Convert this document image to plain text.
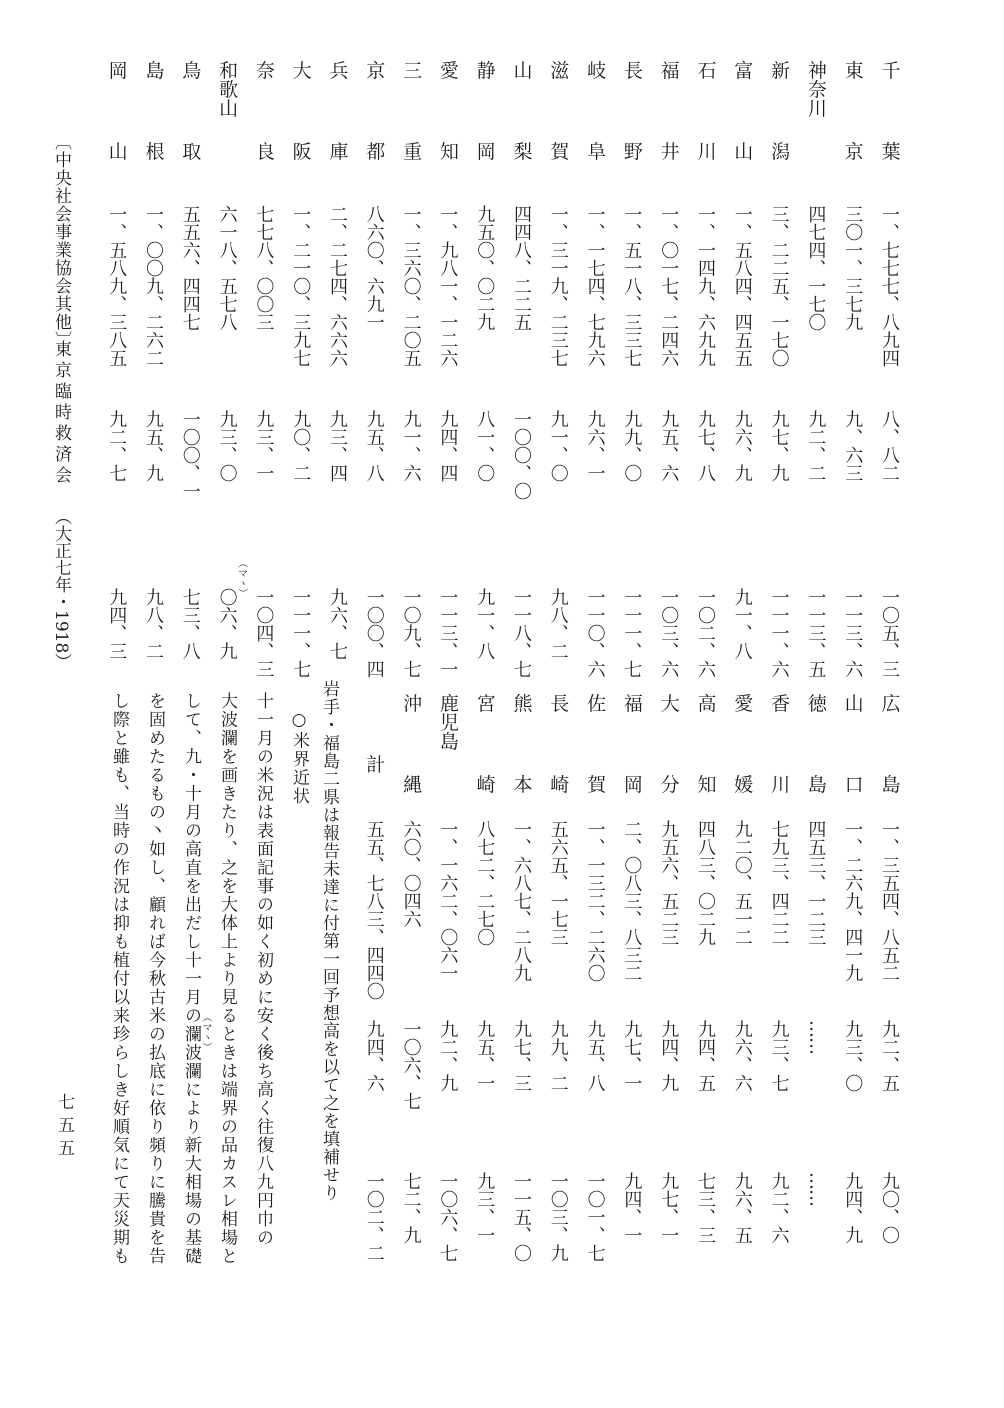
千
葉
一、七七七、八九四
八、八二
一〇五、三
東
京
三〇一、三七九
九、六三
一一三、六
神
奈
川
四七四、一七〇
九二、二
一一三、五
新
潟
三、二二五、一七〇
九七、九
一一一、六
富
山
一、五八四、四五五
九六、九
九一、八
石
川
一、一四九、六九九
九七、八
一〇二、六
福
井
一、〇一七、二四六
九五、六
一〇三、六
長
野
一、五一八、三三七
九九、〇
一一一、七
岐
阜
一、一七四、七九六
九六、一
一一〇、六
滋
賀
一、三一九、二三七
九一、〇
九八、二
山
梨
四四八、二二五
一〇〇、〇
一一八、七
静
岡
九五〇、〇二九
八一、〇
九一、八
愛
知
一、九八一、一二六
九四、四
一一三、一
三
重
一、三六〇、二〇五
九一、六
一〇九、七
京
都
八六〇、六九一
九五、八
一〇〇、四
兵
庫
二、二七四、六六六
九三、四
九六、七
大
阪
一、二一〇、三九七
九〇、二
一一一、七
奈
良
七七八、〇〇三
九三、一
一〇四、三
和
歌
山
六一八、五七八
九三、〇
〇六、九
（マヽ）
鳥
取
五五六、四四七
一〇〇、一
七三、八
島
根
一、〇〇九、二六二
九五、九
九八、二
岡
山
一、五八九、三八五
九二、七
九四、三
広
島
一、三五四、八五二
九二、五
九〇、〇
山
口
一、二六九、四一九
九三、〇
九四、九
徳
島
四五三、一二三
……
……
香
川
七九三、四二二
九三、七
九二、六
愛
媛
九二〇、五一二
九六、六
九六、五
高
知
四八三、〇二九
九四、五
七三、三
大
分
九五六、五二三
九四、九
九七、一
福
岡
二、〇八三、八三二
九七、一
九四、一
佐
賀
一、一三二、二六〇
九五、八
一〇一、七
長
崎
五六五、一七三
九九、二
一〇三、九
熊
本
一、六八七、二八九
九七、三
一一五、〇
宮
崎
八七二、二七〇
九五、一
九三、一
鹿
児
島
一、一六二、〇六一
九二、九
一〇六、七
沖
縄
六〇、〇四六
一〇六、七
七二、九
計
五五、七八三、四四〇
九四、六
一〇二、二
岩手・福島二県は報告未達に付第一回予想高を以て之を填補せり
○米界近状
十一月の米況は表面記事の如く初めに安く後ち高く往復八九円巾の
大波瀾を画きたり、之を大体上より見るときは端界の品カスレ相場と
して、九・十月の高直を出だし十一月の瀾波瀾により新大相場の基礎
を固めたるもの丶如し、顧れば今秋古米の払底に依り頻りに騰貴を告
し際と雖も、当時の作況は抑も植付以来珍らしき好順気にて天災期も	（マヽ）
〔中央社会事業協会其他〕
東京臨時救済会
（大正七年・1918）
七五五
